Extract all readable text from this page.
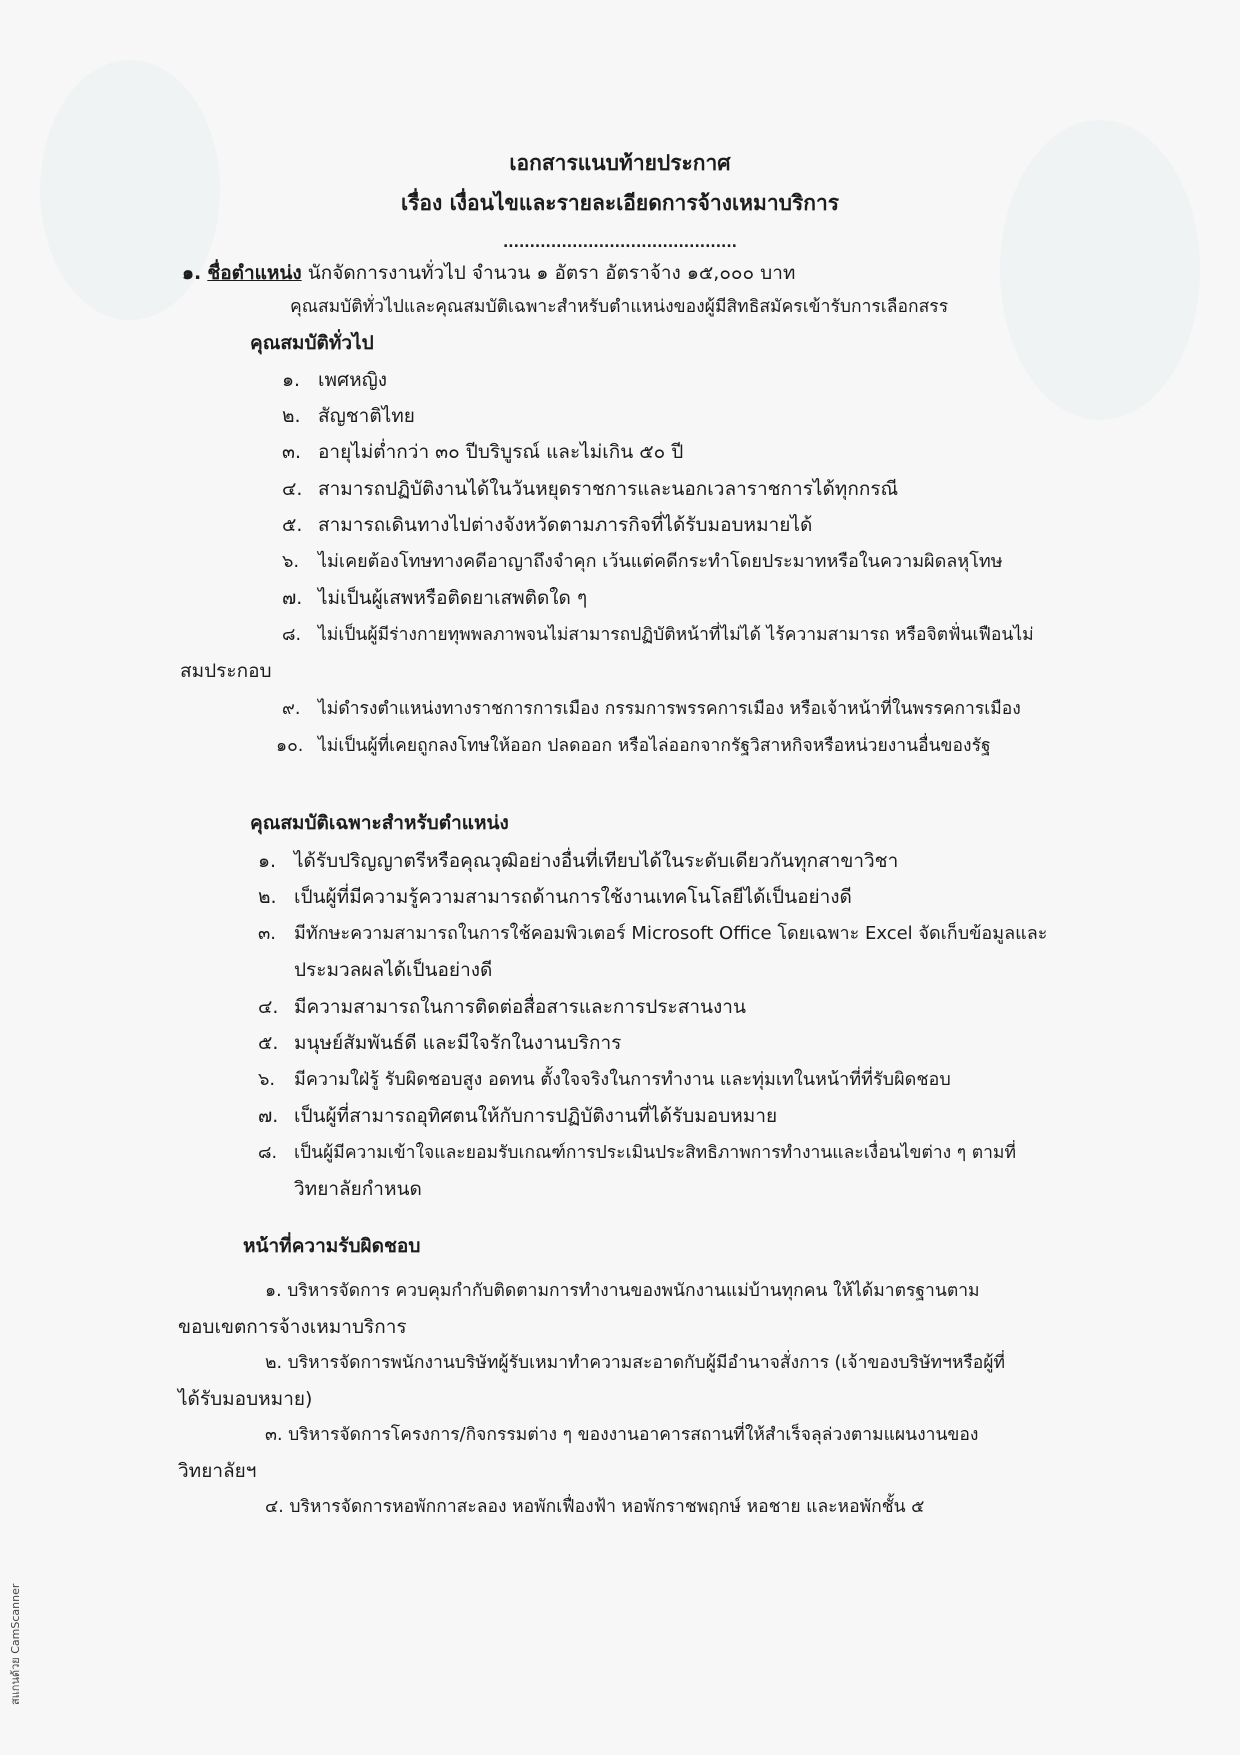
เอกสารแนบท้ายประกาศ
เรื่อง เงื่อนไขและรายละเอียดการจ้างเหมาบริการ
............................................
๑. ชื่อตำแหน่ง นักจัดการงานทั่วไป จำนวน ๑ อัตรา อัตราจ้าง ๑๕,๐๐๐ บาท
คุณสมบัติทั่วไปและคุณสมบัติเฉพาะสำหรับตำแหน่งของผู้มีสิทธิสมัครเข้ารับการเลือกสรร
คุณสมบัติทั่วไป
๑. เพศหญิง
๒. สัญชาติไทย
๓. อายุไม่ต่ำกว่า ๓๐ ปีบริบูรณ์ และไม่เกิน ๕๐ ปี
๔. สามารถปฏิบัติงานได้ในวันหยุดราชการและนอกเวลาราชการได้ทุกกรณี
๕. สามารถเดินทางไปต่างจังหวัดตามภารกิจที่ได้รับมอบหมายได้
๖. ไม่เคยต้องโทษทางคดีอาญาถึงจำคุก เว้นแต่คดีกระทำโดยประมาทหรือในความผิดลหุโทษ
๗. ไม่เป็นผู้เสพหรือติดยาเสพติดใด ๆ
๘. ไม่เป็นผู้มีร่างกายทุพพลภาพจนไม่สามารถปฏิบัติหน้าที่ไม่ได้ ไร้ความสามารถ หรือจิตฟั่นเฟือนไม่
สมประกอบ
๙. ไม่ดำรงตำแหน่งทางราชการการเมือง กรรมการพรรคการเมือง หรือเจ้าหน้าที่ในพรรคการเมือง
๑๐. ไม่เป็นผู้ที่เคยถูกลงโทษให้ออก ปลดออก หรือไล่ออกจากรัฐวิสาหกิจหรือหน่วยงานอื่นของรัฐ
คุณสมบัติเฉพาะสำหรับตำแหน่ง
๑. ได้รับปริญญาตรีหรือคุณวุฒิอย่างอื่นที่เทียบได้ในระดับเดียวกันทุกสาขาวิชา
๒. เป็นผู้ที่มีความรู้ความสามารถด้านการใช้งานเทคโนโลยีได้เป็นอย่างดี
๓. มีทักษะความสามารถในการใช้คอมพิวเตอร์ Microsoft Office โดยเฉพาะ Excel จัดเก็บข้อมูลและ
ประมวลผลได้เป็นอย่างดี
๔. มีความสามารถในการติดต่อสื่อสารและการประสานงาน
๕. มนุษย์สัมพันธ์ดี และมีใจรักในงานบริการ
๖. มีความใฝ่รู้ รับผิดชอบสูง อดทน ตั้งใจจริงในการทำงาน และทุ่มเทในหน้าที่ที่รับผิดชอบ
๗. เป็นผู้ที่สามารถอุทิศตนให้กับการปฏิบัติงานที่ได้รับมอบหมาย
๘. เป็นผู้มีความเข้าใจและยอมรับเกณฑ์การประเมินประสิทธิภาพการทำงานและเงื่อนไขต่าง ๆ ตามที่
วิทยาลัยกำหนด
หน้าที่ความรับผิดชอบ
๑. บริหารจัดการ ควบคุมกำกับติดตามการทำงานของพนักงานแม่บ้านทุกคน ให้ได้มาตรฐานตาม
ขอบเขตการจ้างเหมาบริการ
๒. บริหารจัดการพนักงานบริษัทผู้รับเหมาทำความสะอาดกับผู้มีอำนาจสั่งการ (เจ้าของบริษัทฯหรือผู้ที่
ได้รับมอบหมาย)
๓. บริหารจัดการโครงการ/กิจกรรมต่าง ๆ ของงานอาคารสถานที่ให้สำเร็จลุล่วงตามแผนงานของ
วิทยาลัยฯ
๔. บริหารจัดการหอพักกาสะลอง หอพักเฟื่องฟ้า หอพักราชพฤกษ์ หอชาย และหอพักชั้น ๕
สแกนด้วย CamScanner
